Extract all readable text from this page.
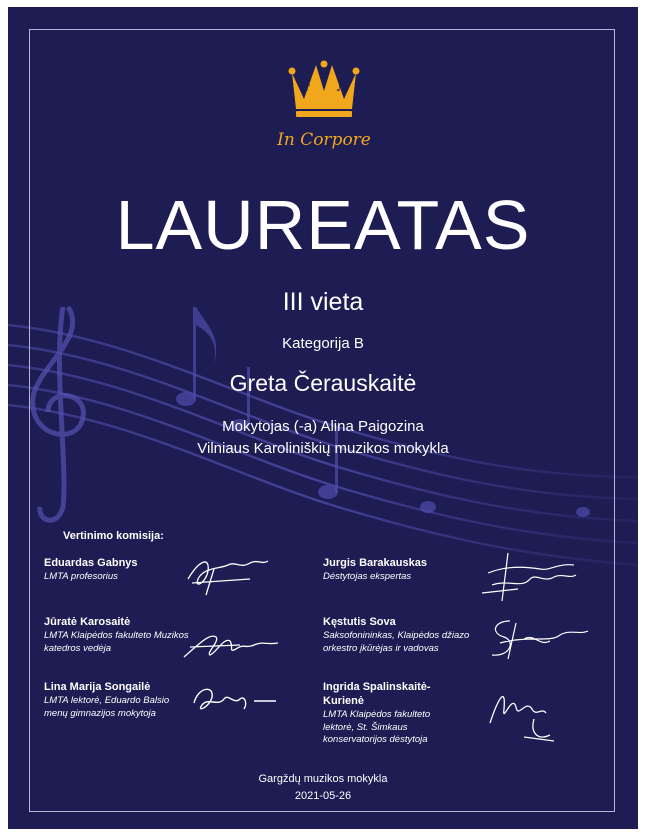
♪ ♪
In Corpore
LAUREATAS
III vieta
Kategorija B
Greta Čerauskaitė
Mokytojas (-a) Alina Paigozina
Vilniaus Karoliniškių muzikos mokykla
Vertinimo komisija:
Eduardas Gabnys
LMTA profesorius
Jūratė Karosaitė
LMTA Klaipėdos fakulteto Muzikos katedros vedėja
Lina Marija Songailė
LMTA lektorė, Eduardo Balsio menų gimnazijos mokytoja
Jurgis Barakauskas
Dėstytojas ekspertas
Kęstutis Sova
Saksofonininkas, Klaipėdos džiazo orkestro įkūrėjas ir vadovas
Ingrida Spalinskaitė-Kurienė
LMTA Klaipėdos fakulteto lektorė, St. Šimkaus konservatorijos dėstytoja
Gargždų muzikos mokykla
2021-05-26
